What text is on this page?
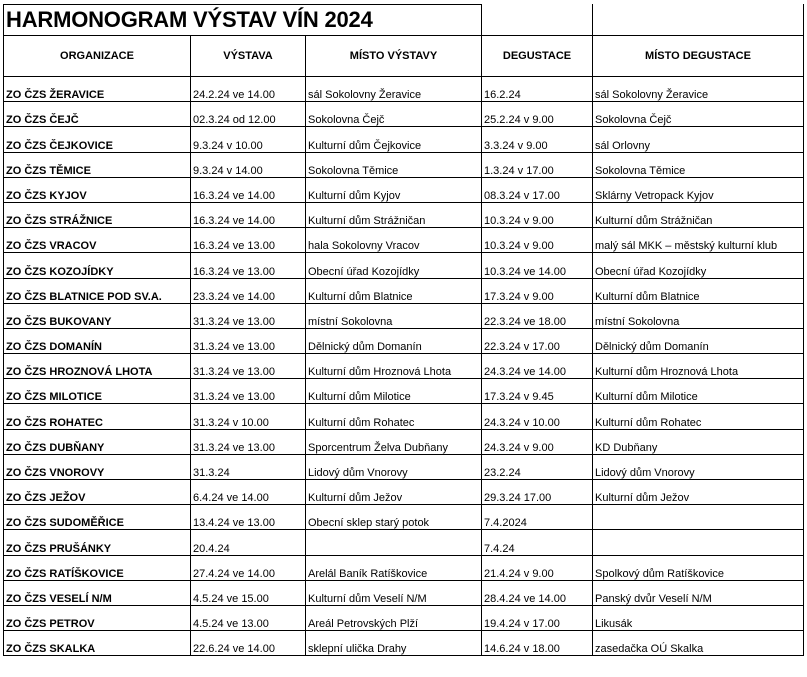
HARMONOGRAM VÝSTAV VÍN 2024				
ORGANIZACE	VÝSTAVA	MÍSTO VÝSTAVY	DEGUSTACE	MÍSTO DEGUSTACE
ZO ČZS ŽERAVICE	24.2.24 ve 14.00	sál Sokolovny Žeravice	16.2.24	sál Sokolovny Žeravice
ZO ČZS ČEJČ	02.3.24 od 12.00	Sokolovna Čejč	25.2.24 v 9.00	Sokolovna Čejč
ZO ČZS ČEJKOVICE	9.3.24 v 10.00	Kulturní dům Čejkovice	3.3.24 v 9.00	sál Orlovny
ZO ČZS TĚMICE	9.3.24 v 14.00	Sokolovna Těmice	1.3.24 v 17.00	Sokolovna Těmice
ZO ČZS KYJOV	16.3.24 ve 14.00	Kulturní dům Kyjov	08.3.24 v 17.00	Sklárny Vetropack Kyjov
ZO ČZS STRÁŽNICE	16.3.24 ve 14.00	Kulturní dům Strážničan	10.3.24 v 9.00	Kulturní dům Strážničan
ZO ČZS VRACOV	16.3.24 ve 13.00	hala Sokolovny Vracov	10.3.24 v 9.00	malý sál MKK – městský kulturní klub
ZO ČZS KOZOJÍDKY	16.3.24 ve 13.00	Obecní úřad Kozojídky	10.3.24 ve 14.00	Obecní úřad Kozojídky
ZO ČZS BLATNICE POD SV.A.	23.3.24 ve 14.00	Kulturní dům Blatnice	17.3.24 v 9.00	Kulturní dům Blatnice
ZO ČZS BUKOVANY	31.3.24 ve 13.00	místní Sokolovna	22.3.24 ve 18.00	místní Sokolovna
ZO ČZS DOMANÍN	31.3.24 ve 13.00	Dělnický dům Domanín	22.3.24 v 17.00	Dělnický dům Domanín
ZO ČZS HROZNOVÁ LHOTA	31.3.24 ve 13.00	Kulturní dům Hroznová Lhota	24.3.24 ve 14.00	Kulturní dům Hroznová Lhota
ZO ČZS MILOTICE	31.3.24 ve 13.00	Kulturní dům Milotice	17.3.24 v 9.45	Kulturní dům Milotice
ZO ČZS ROHATEC	31.3.24 v 10.00	Kulturní dům Rohatec	24.3.24 v 10.00	Kulturní dům Rohatec
ZO ČZS DUBŇANY	31.3.24 ve 13.00	Sporcentrum Želva Dubňany	24.3.24 v 9.00	KD Dubňany
ZO ČZS VNOROVY	31.3.24	Lidový dům Vnorovy	23.2.24	Lidový dům Vnorovy
ZO ČZS JEŽOV	6.4.24 ve 14.00	Kulturní dům Ježov	29.3.24 17.00	Kulturní dům Ježov
ZO ČZS SUDOMĚŘICE	13.4.24 ve 13.00	Obecní sklep starý potok	7.4.2024	
ZO ČZS PRUŠÁNKY	20.4.24		7.4.24	
ZO ČZS RATÍŠKOVICE	27.4.24 ve 14.00	Arelál Baník Ratíškovice	21.4.24 v 9.00	Spolkový dům Ratíškovice
ZO ČZS VESELÍ N/M	4.5.24 ve 15.00	Kulturní dům Veselí N/M	28.4.24 ve 14.00	Panský dvůr Veselí N/M
ZO ČZS PETROV	4.5.24 ve 13.00	Areál Petrovských Plží	19.4.24 v 17.00	Likusák
ZO ČZS SKALKA	22.6.24 ve 14.00	sklepní ulička Drahy	14.6.24 v 18.00	zasedačka OÚ Skalka
